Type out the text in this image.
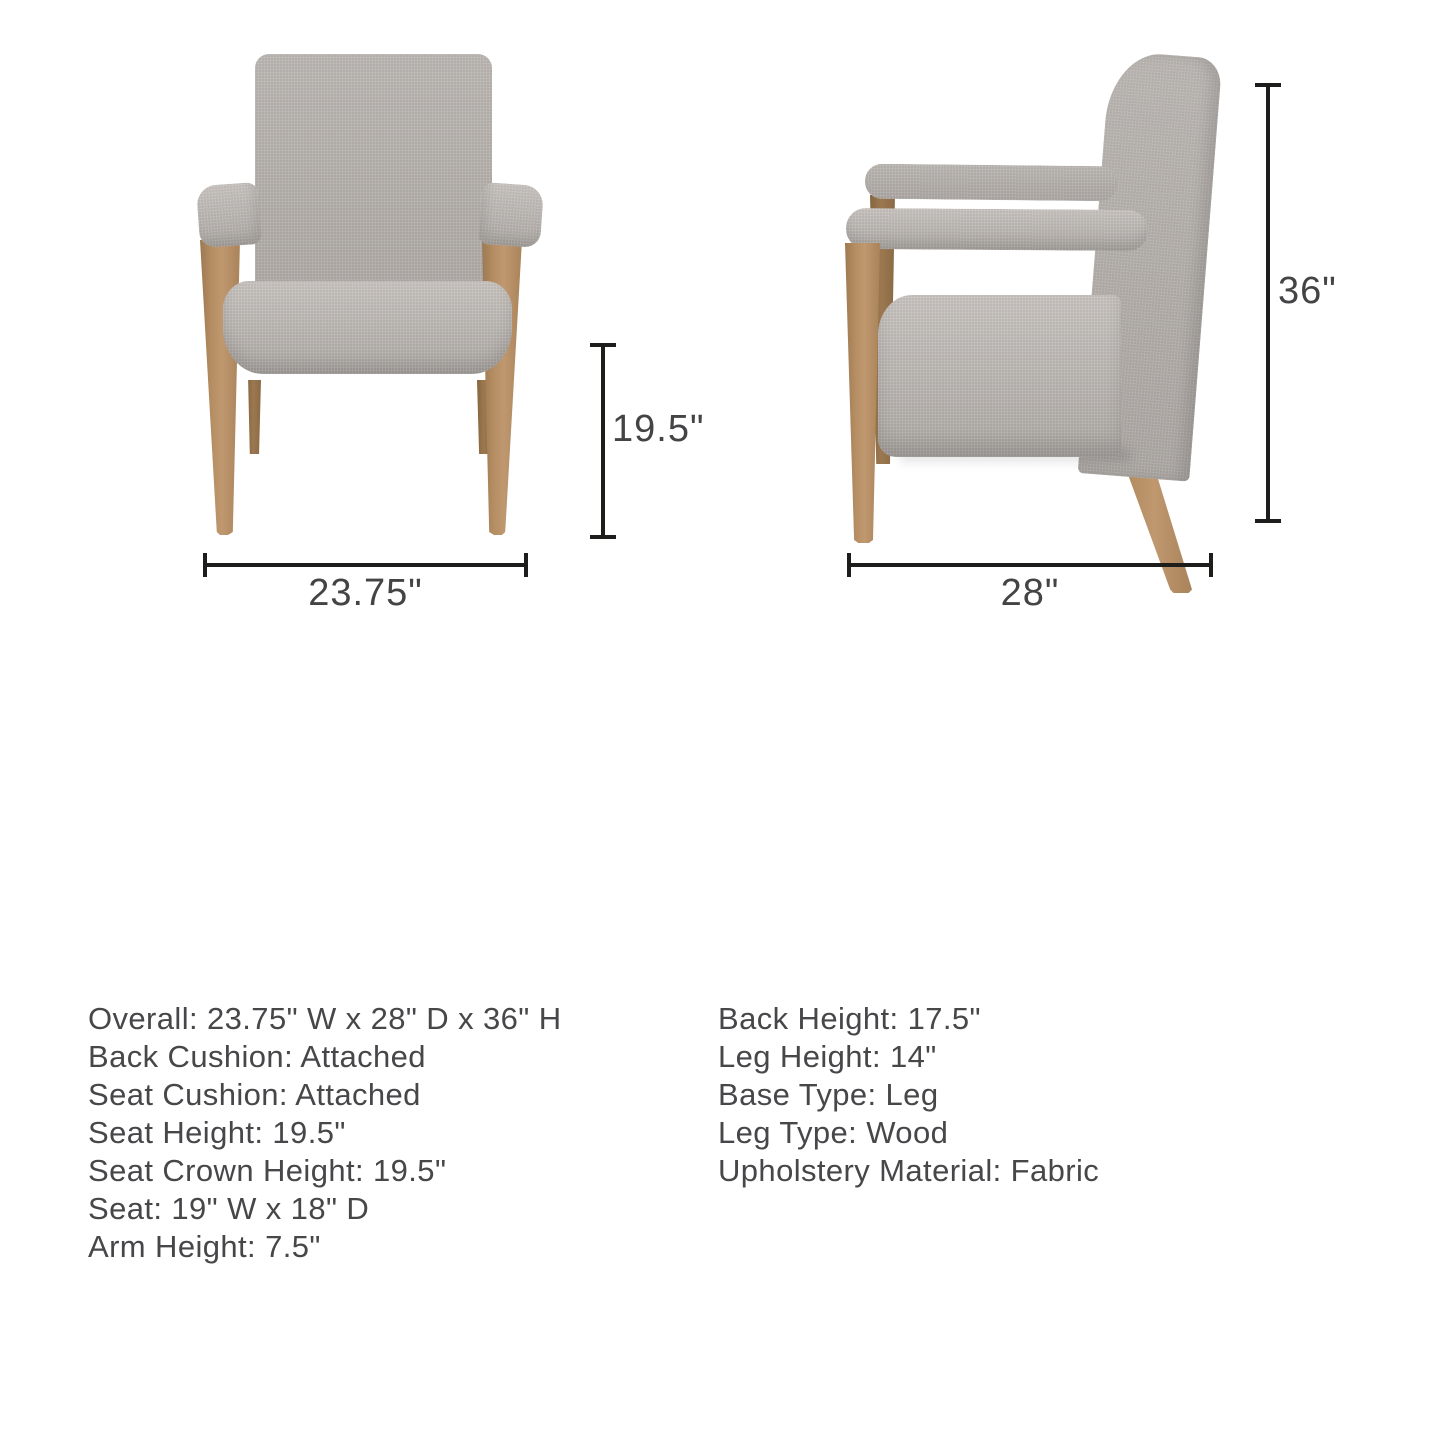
23.75"
19.5"
28"
36"
Overall: 23.75" W x 28" D x 36" H
Back Cushion: Attached
Seat Cushion: Attached
Seat Height: 19.5"
Seat Crown Height: 19.5"
Seat: 19" W x 18" D
Arm Height: 7.5"
Back Height: 17.5"
Leg Height: 14"
Base Type: Leg
Leg Type: Wood
Upholstery Material: Fabric
